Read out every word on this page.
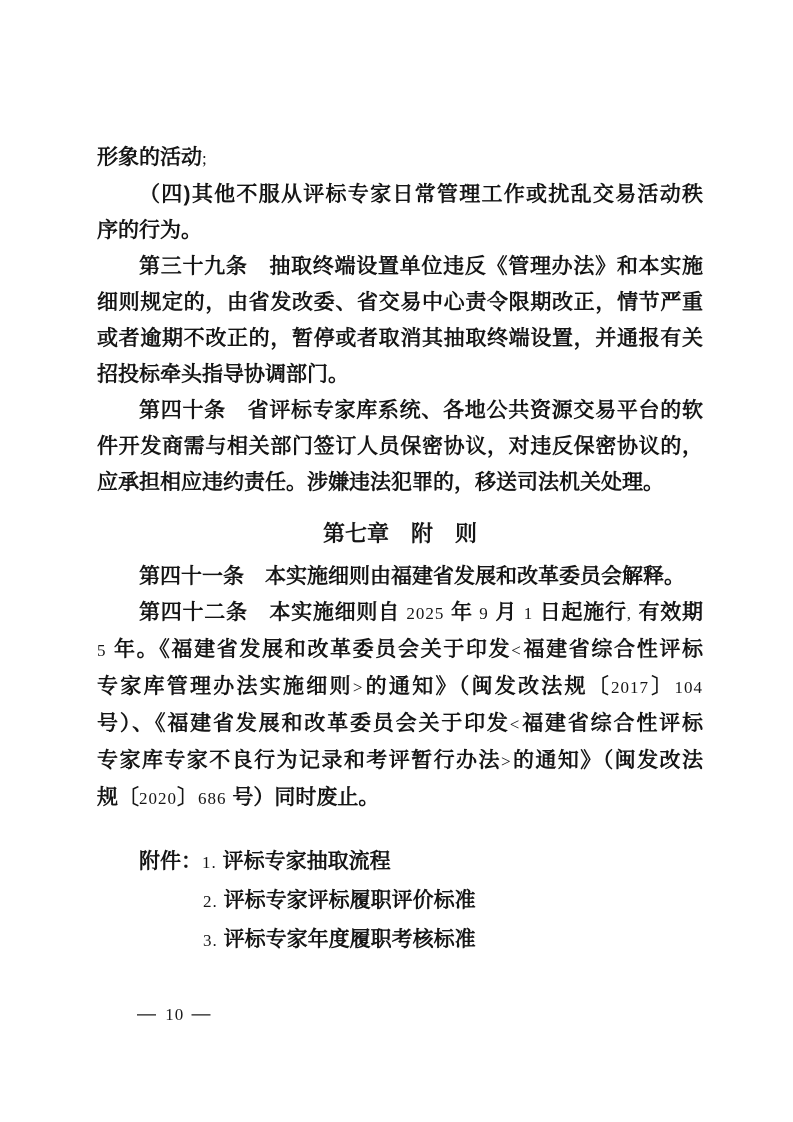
形象的活动;
（四)其他不服从评标专家日常管理工作或扰乱交易活动秩
序的行为。
第三十九条　抽取终端设置单位违反《管理办法》和本实施
细则规定的，由省发改委、省交易中心责令限期改正，情节严重
或者逾期不改正的，暂停或者取消其抽取终端设置，并通报有关
招投标牵头指导协调部门。
第四十条　省评标专家库系统、各地公共资源交易平台的软
件开发商需与相关部门签订人员保密协议，对违反保密协议的，
应承担相应违约责任。涉嫌违法犯罪的，移送司法机关处理。
第七章　附　则
第四十一条　本实施细则由福建省发展和改革委员会解释。
第四十二条　本实施细则自 2025 年 9 月 1 日起施行, 有效期
5 年。《福建省发展和改革委员会关于印发<福建省综合性评标
专家库管理办法实施细则>的通知》（闽发改法规〔2017〕104
号）、《福建省发展和改革委员会关于印发<福建省综合性评标
专家库专家不良行为记录和考评暂行办法>的通知》（闽发改法
规〔2020〕686 号）同时废止。

附件：1. 评标专家抽取流程

2. 评标专家评标履职评价标准

3. 评标专家年度履职考核标准

— 10 —
